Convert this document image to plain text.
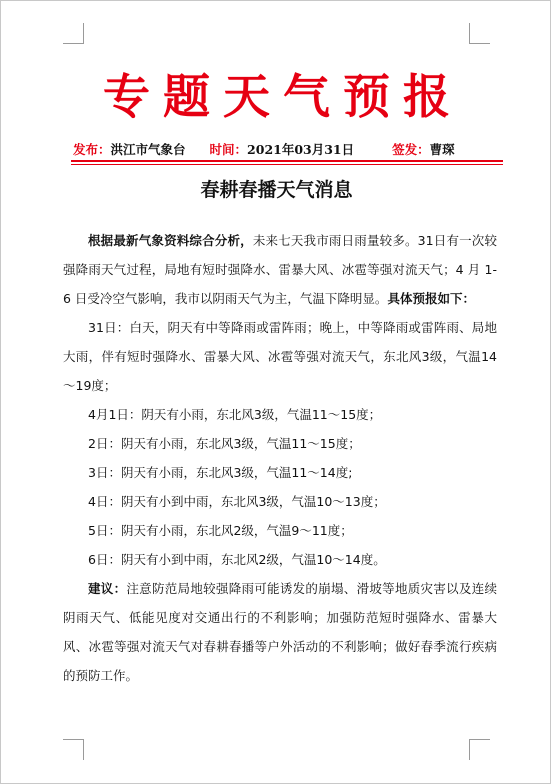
专题天气预报
发布：洪江市气象台 时间：2021年03月31日	签发：曹琛
春耕春播天气消息

根据最新气象资料综合分析，未来七天我市雨日雨量较多。31日有一次较强降雨天气过程，局地有短时强降水、雷暴大风、冰雹等强对流天气；4 月 1-6 日受冷空气影响，我市以阴雨天气为主，气温下降明显。具体预报如下：

31日：白天，阴天有中等降雨或雷阵雨；晚上，中等降雨或雷阵雨、局地大雨，伴有短时强降水、雷暴大风、冰雹等强对流天气，东北风3级，气温14～19度；

4月1日：阴天有小雨，东北风3级，气温11～15度；

2日：阴天有小雨，东北风3级，气温11～15度；

3日：阴天有小雨，东北风3级，气温11～14度;

4日：阴天有小到中雨，东北风3级，气温10～13度；

5日：阴天有小雨，东北风2级，气温9～11度；

6日：阴天有小到中雨，东北风2级，气温10～14度。

建议：注意防范局地较强降雨可能诱发的崩塌、滑坡等地质灾害以及连续阴雨天气、低能见度对交通出行的不利影响；加强防范短时强降水、雷暴大风、冰雹等强对流天气对春耕春播等户外活动的不利影响；做好春季流行疾病的预防工作。
